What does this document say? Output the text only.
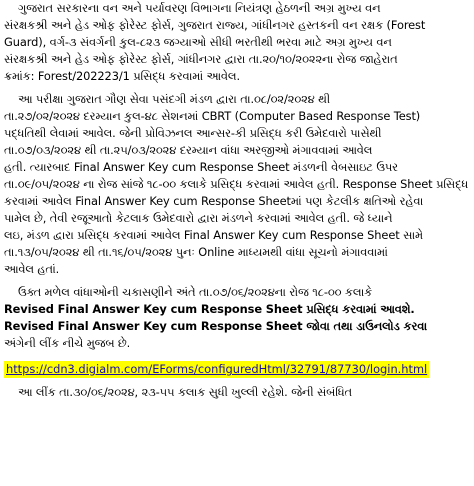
ગુજરાત સરકારના વન અને પર્યાવરણ વિભાગના નિયંત્રણ હેઠળની અગ્ર મુખ્ય વન
સંરક્ષકશ્રી અને હેડ ઓફ ફોરેસ્ટ ફોર્સ, ગુજરાત રાજ્ય, ગાંધીનગર હસ્તકની વન રક્ષક (Forest
Guard), વર્ગ-૩ સંવર્ગની કુલ-૮૨૩ જગ્યાઓ સીધી ભરતીથી ભરવા માટે અગ્ર મુખ્ય વન
સંરક્ષકશ્રી અને હેડ ઓફ ફોરેસ્ટ ફોર્સ, ગાંધીનગર દ્વારા તા.૨૦/૧૦/૨૦૨૨ના રોજ જાહેરાત
ક્રમાંક: Forest/202223/1 પ્રસિદ્ધ કરવામાં આવેલ.
આ પરીક્ષા ગુજરાત ગૌણ સેવા પસંદગી મંડળ દ્વારા તા.૦૮/૦૨/૨૦૨૪ થી
તા.૨૭/૦૨/૨૦૨૪ દરમ્યાન કુલ-૪૮ સેશનમાં CBRT (Computer Based Response Test)
પદ્ધતિથી લેવામાં આવેલ. જેની પ્રોવિઝનલ આન્સર-કી પ્રસિદ્ધ કરી ઉમેદવારો પાસેથી
તા.૦૭/૦૩/૨૦૨૪ થી તા.૨૫/૦૩/૨૦૨૪ દરમ્યાન વાંધા અરજીઓ મંગાવવામાં આવેલ
હતી. ત્યારબાદ Final Answer Key cum Response Sheet મંડળની વેબસાઇટ ઉપર
તા.૦૯/૦૫/૨૦૨૪ ના રોજ સાંજે ૧૮-૦૦ કલાકે પ્રસિદ્ધ કરવામાં આવેલ હતી. Response Sheet પ્રસિદ્ધ
કરવામાં આવેલ Final Answer Key cum Response Sheetમાં પણ કેટલીક ક્ષતિઓ રહેવા
પામેલ છે, તેવી રજૂઆતો કેટલાક ઉમેદવારો દ્વારા મંડળને કરવામાં આવેલ હતી. જે ધ્યાને
લઇ, મંડળ દ્વારા પ્રસિદ્ધ કરવામાં આવેલ Final Answer Key cum Response Sheet સામે
તા.૧૩/૦૫/૨૦૨૪ થી તા.૧૬/૦૫/૨૦૨૪ પુનઃ Online માધ્યમથી વાંધા સૂચનો મંગાવવામાં
આવેલ હતાં.
ઉક્ત મળેલ વાંધાઓની ચકાસણીને અંતે તા.૦૭/૦૬/૨૦૨૪ના રોજ ૧૮-૦૦ કલાકે
Revised Final Answer Key cum Response Sheet પ્રસિદ્ધ કરવામાં આવશે.
Revised Final Answer Key cum Response Sheet જોવા તથા ડાઉનલોડ કરવા
અંગેની લીંક નીચે મુજબ છે.
https://cdn3.digialm.com/EForms/configuredHtml/32791/87730/login.html
આ લીંક તા.૩૦/૦૬/૨૦૨૪, ૨૩-૫૫ કલાક સુધી ખુલ્લી રહેશે. જેની સંબંધિત
